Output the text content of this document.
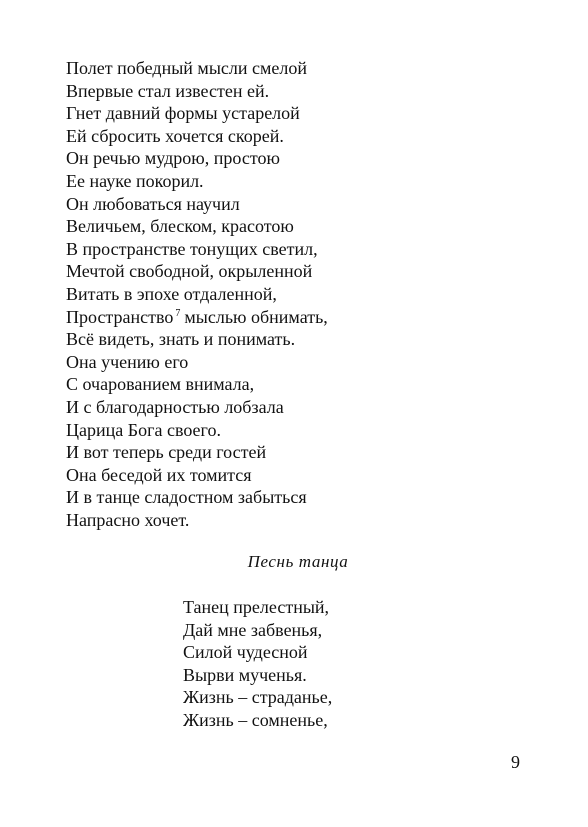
Полет победный мысли смелой
Впервые стал известен ей.
Гнет давний формы устарелой
Ей сбросить хочется скорей.
Он речью мудрою, простою
Ее науке покорил.
Он любоваться научил
Величьем, блеском, красотою
В пространстве тонущих светил,
Мечтой свободной, окрыленной
Витать в эпохе отдаленной,
Пространство $^7$ мыслью обнимать,
Всё видеть, знать и понимать.
Она учению его
С очарованием внимала,
И с благодарностью лобзала
Царица Бога своего.
И вот теперь среди гостей
Она беседой их томится
И в танце сладостном забыться
Напрасно хочет.
Песнь танца
Танец прелестный,
Дай мне забвенья,
Силой чудесной
Вырви мученья.
Жизнь – страданье,
Жизнь – сомненье,
9
